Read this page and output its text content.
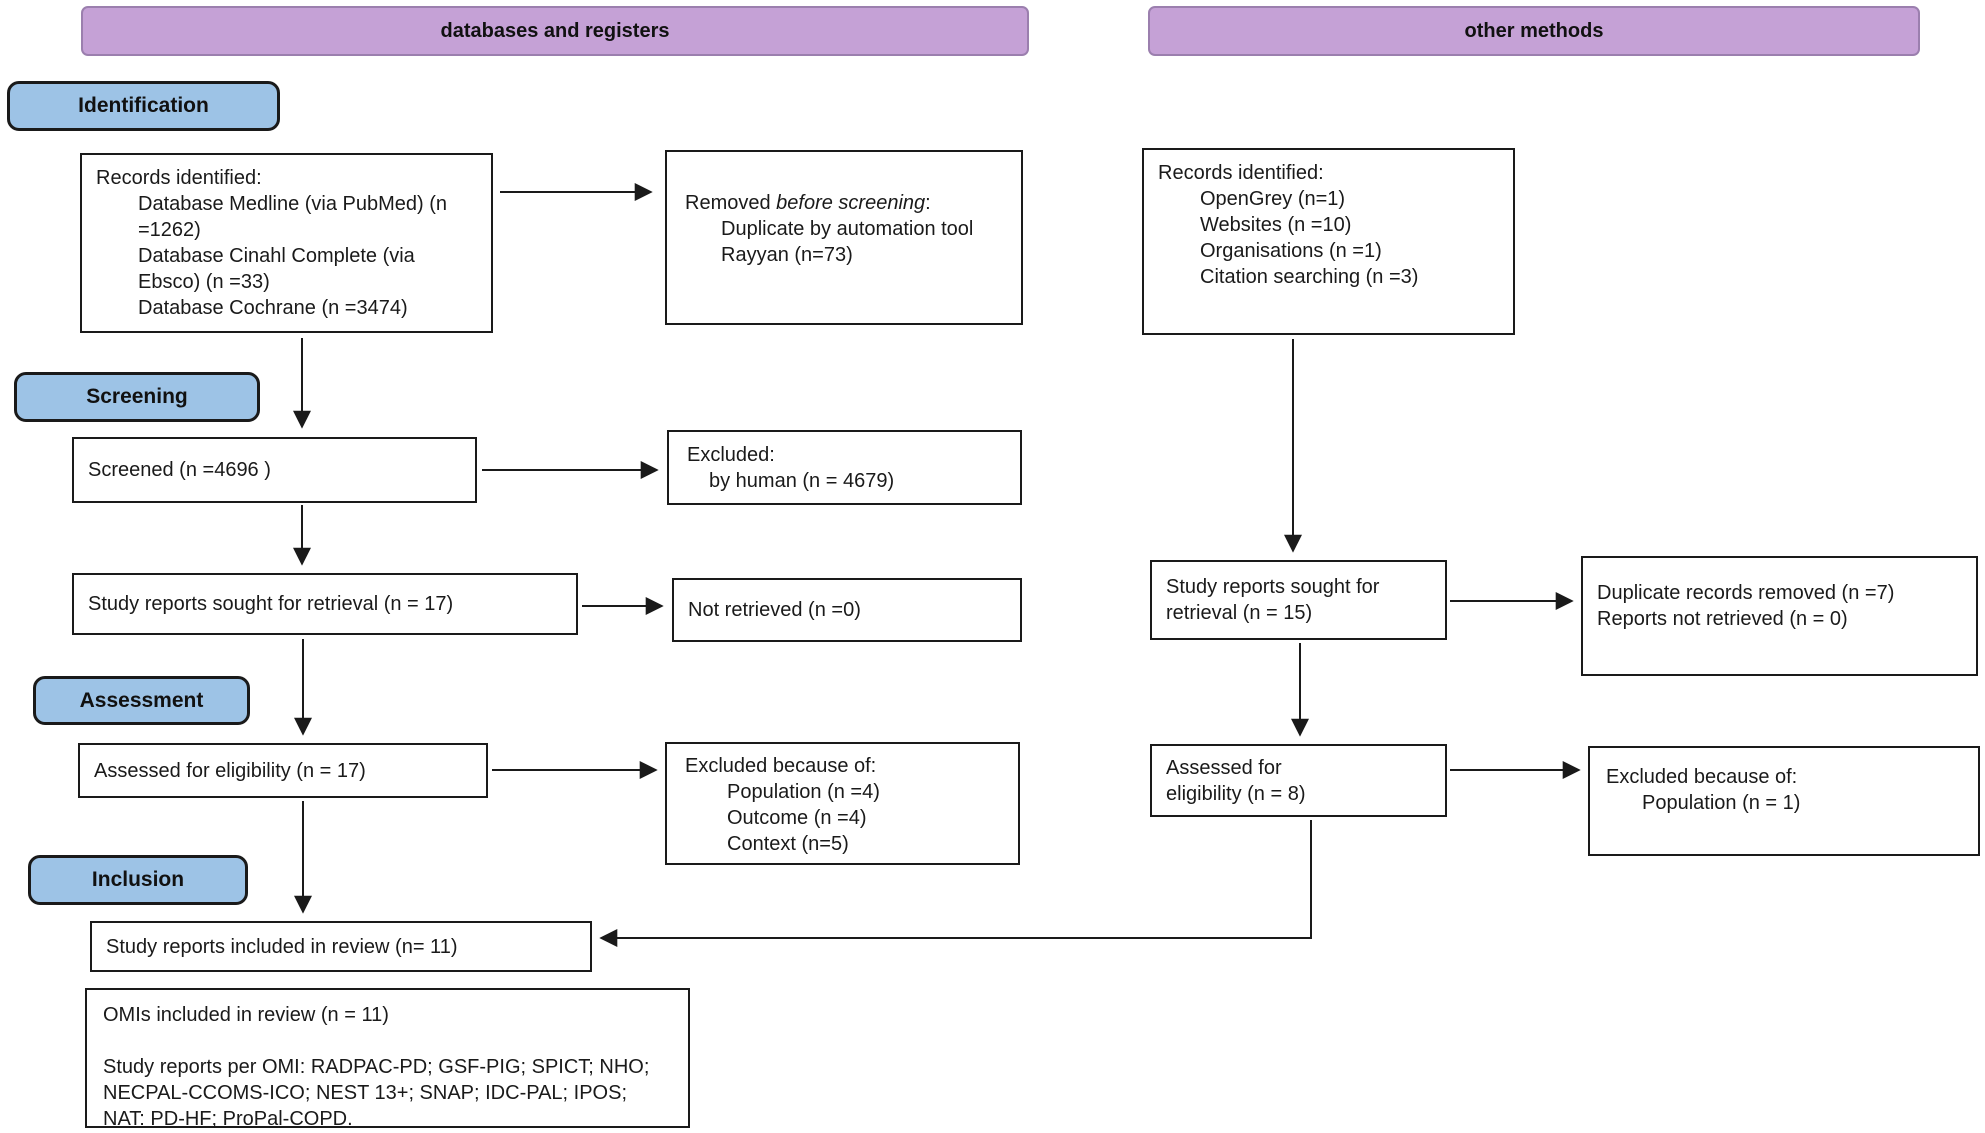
databases and registers	other methods
Identification
Screening
Assessment
Inclusion
Records identified:
Database Medline (via PubMed) (n =1262)
Database Cinahl Complete (via Ebsco) (n =33)
Database Cochrane (n =3474)
Removed before screening:
Duplicate by automation tool Rayyan (n=73)
Screened (n =4696 )
Excluded:
by human (n = 4679)
Study reports sought for retrieval (n = 17)	Not retrieved (n =0)
Assessed for eligibility (n = 17)	Excluded because of:
Population (n =4)
Outcome (n =4)
Context (n=5)
Study reports included in review (n= 11)
OMIs included in review (n = 11)
Study reports per OMI: RADPAC-PD; GSF-PIG; SPICT; NHO; NECPAL-CCOMS-ICO; NEST 13+; SNAP; IDC-PAL; IPOS; NAT: PD-HF; ProPal-COPD.
Records identified:
OpenGrey (n=1)
Websites (n =10)
Organisations (n =1)
Citation searching (n =3)
Study reports sought for retrieval (n = 15)
Duplicate records removed (n =7)
Reports not retrieved (n = 0)
Assessed for eligibility (n = 8)
Excluded because of:
Population (n = 1)
